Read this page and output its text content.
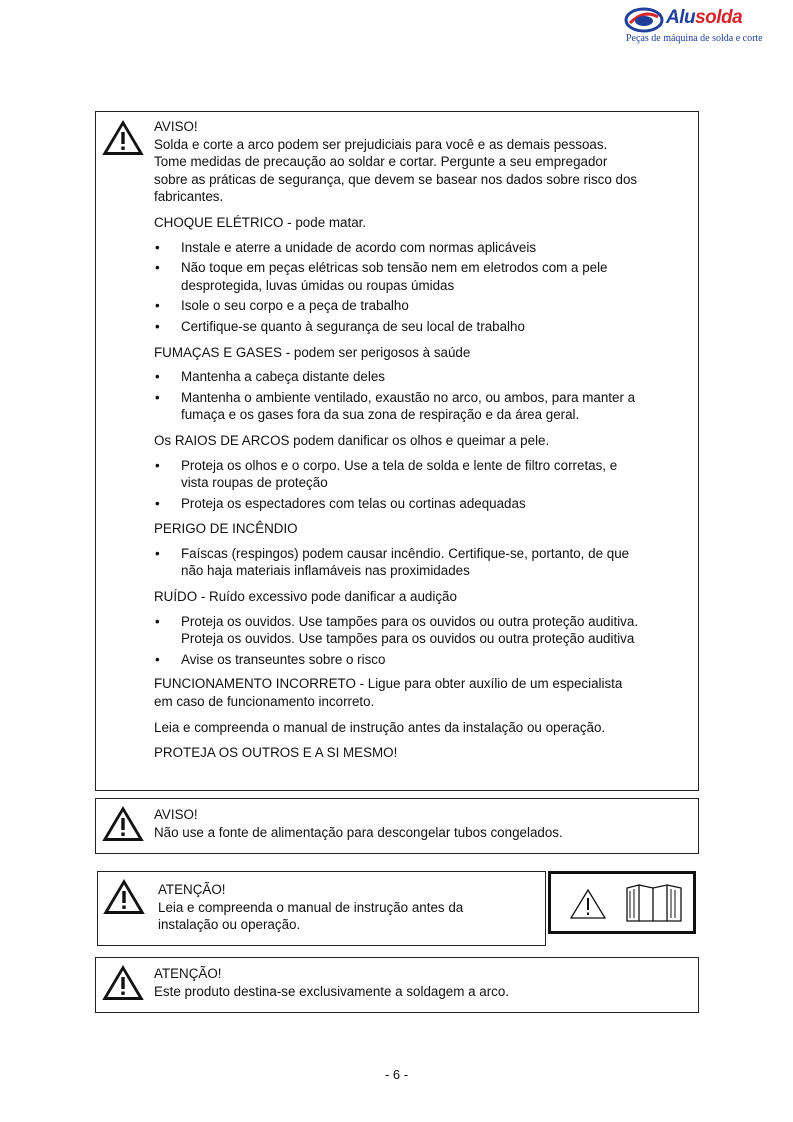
Alusolda
Peças de máquina de solda e corte
AVISO!
Solda e corte a arco podem ser prejudiciais para você e as demais pessoas.
Tome medidas de precaução ao soldar e cortar. Pergunte a seu empregador
sobre as práticas de segurança, que devem se basear nos dados sobre risco dos
fabricantes.
CHOQUE ELÉTRICO - pode matar.
• Instale e aterre a unidade de acordo com normas aplicáveis
• Não toque em peças elétricas sob tensão nem em eletrodos com a pele
desprotegida, luvas úmidas ou roupas úmidas
• Isole o seu corpo e a peça de trabalho
• Certifique-se quanto à segurança de seu local de trabalho
FUMAÇAS E GASES - podem ser perigosos à saúde
• Mantenha a cabeça distante deles
• Mantenha o ambiente ventilado, exaustão no arco, ou ambos, para manter a
fumaça e os gases fora da sua zona de respiração e da área geral.
Os RAIOS DE ARCOS podem danificar os olhos e queimar a pele.
• Proteja os olhos e o corpo. Use a tela de solda e lente de filtro corretas, e
vista roupas de proteção
• Proteja os espectadores com telas ou cortinas adequadas
PERIGO DE INCÊNDIO
• Faíscas (respingos) podem causar incêndio. Certifique-se, portanto, de que
não haja materiais inflamáveis nas proximidades
RUÍDO - Ruído excessivo pode danificar a audição
• Proteja os ouvidos. Use tampões para os ouvidos ou outra proteção auditiva.
Proteja os ouvidos. Use tampões para os ouvidos ou outra proteção auditiva
• Avise os transeuntes sobre o risco
FUNCIONAMENTO INCORRETO - Ligue para obter auxílio de um especialista
em caso de funcionamento incorreto.
Leia e compreenda o manual de instrução antes da instalação ou operação.
PROTEJA OS OUTROS E A SI MESMO!
AVISO!
Não use a fonte de alimentação para descongelar tubos congelados.
ATENÇÃO!
Leia e compreenda o manual de instrução antes da
instalação ou operação.
ATENÇÃO!
Este produto destina-se exclusivamente a soldagem a arco.
- 6 -
